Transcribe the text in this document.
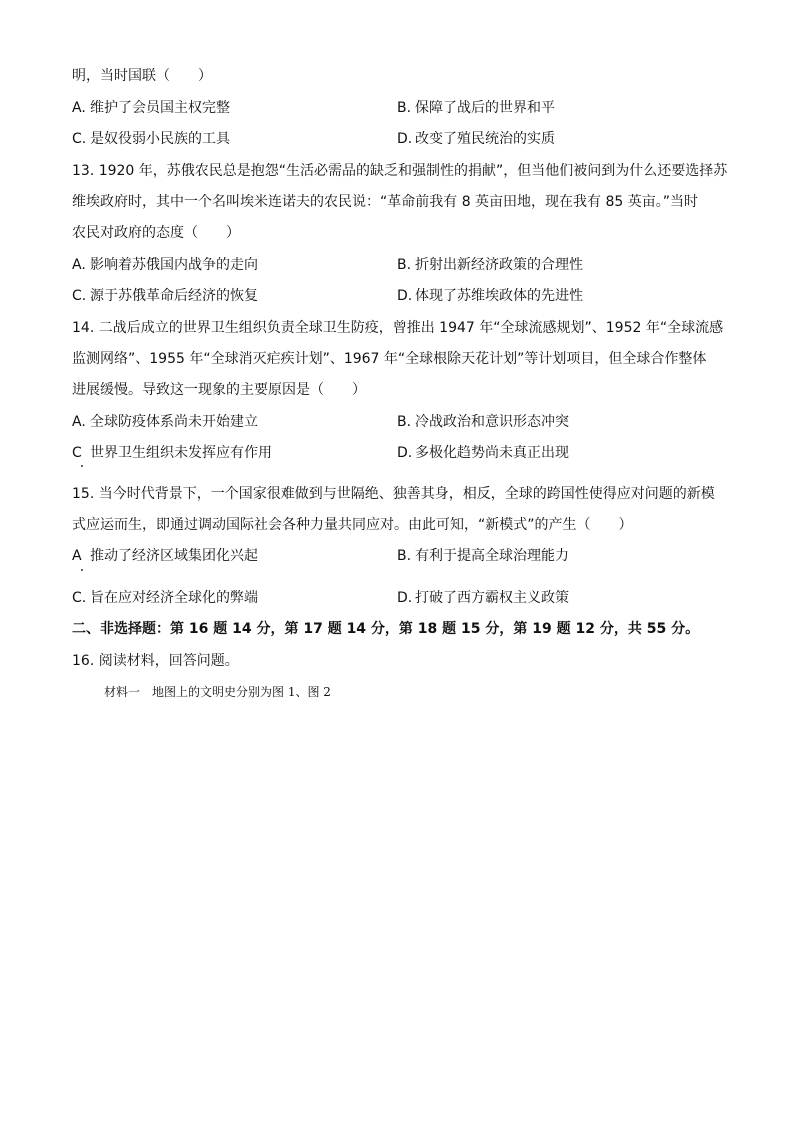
明，当时国联（　　）
A. 维护了会员国主权完整	B. 保障了战后的世界和平
C. 是奴役弱小民族的工具	D. 改变了殖民统治的实质
13. 1920 年，苏俄农民总是抱怨“生活必需品的缺乏和强制性的捐献”，但当他们被问到为什么还要选择苏
维埃政府时，其中一个名叫埃米连诺夫的农民说：“革命前我有 8 英亩田地，现在我有 85 英亩。”当时
农民对政府的态度（　　）
A. 影响着苏俄国内战争的走向	B. 折射出新经济政策的合理性
C. 源于苏俄革命后经济的恢复	D. 体现了苏维埃政体的先进性
14. 二战后成立的世界卫生组织负责全球卫生防疫，曾推出 1947 年“全球流感规划”、1952 年“全球流感
监测网络”、1955 年“全球消灭疟疾计划”、1967 年“全球根除天花计划”等计划项目，但全球合作整体
进展缓慢。导致这一现象的主要原因是（　　）
A. 全球防疫体系尚未开始建立	B. 冷战政治和意识形态冲突
C 世界卫生组织未发挥应有作用	D. 多极化趋势尚未真正出现
15. 当今时代背景下，一个国家很难做到与世隔绝、独善其身，相反，全球的跨国性使得应对问题的新模
式应运而生，即通过调动国际社会各种力量共同应对。由此可知，“新模式”的产生（　　）
A 推动了经济区域集团化兴起	B. 有利于提高全球治理能力
C. 旨在应对经济全球化的弊端	D. 打破了西方霸权主义政策
二、非选择题：第 16 题 14 分，第 17 题 14 分，第 18 题 15 分，第 19 题 12 分，共 55 分。
16. 阅读材料，回答问题。
材料一　地图上的文明史分别为图 1、图 2
